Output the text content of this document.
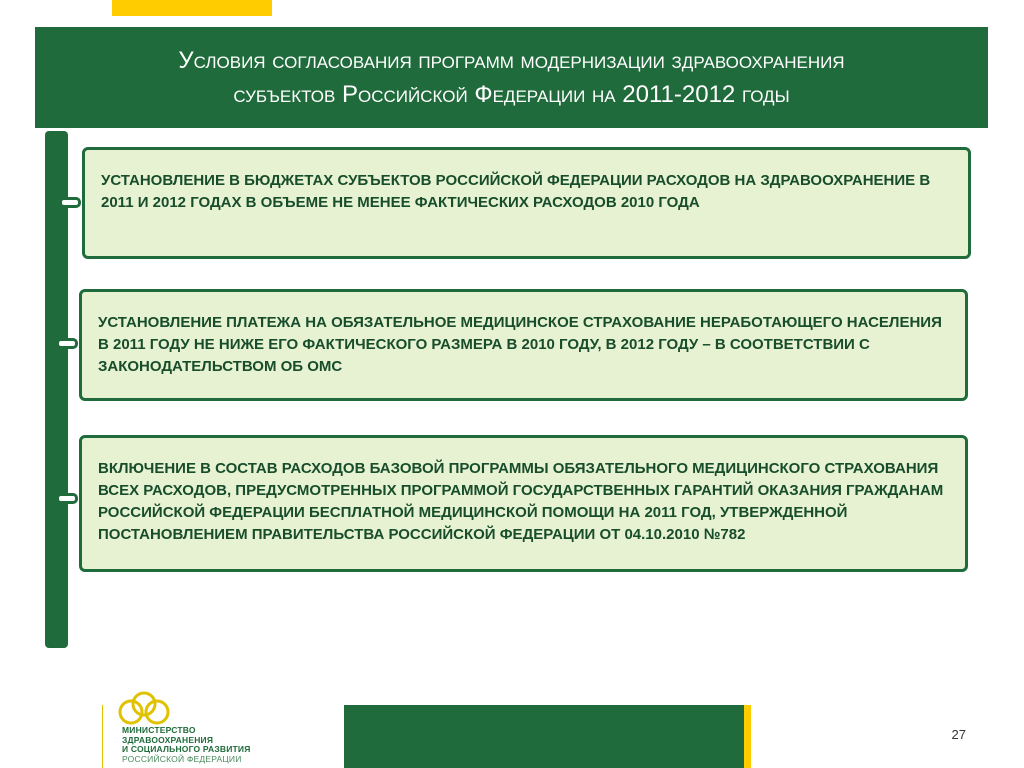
Условия согласования программ модернизации здравоохранения
субъектов Российской Федерации на 2011-2012 годы
УСТАНОВЛЕНИЕ В БЮДЖЕТАХ СУБЪЕКТОВ РОССИЙСКОЙ ФЕДЕРАЦИИ РАСХОДОВ НА ЗДРАВООХРАНЕНИЕ В 2011 И 2012 ГОДАХ В ОБЪЕМЕ НЕ МЕНЕЕ ФАКТИЧЕСКИХ РАСХОДОВ 2010 ГОДА
УСТАНОВЛЕНИЕ ПЛАТЕЖА НА ОБЯЗАТЕЛЬНОЕ МЕДИЦИНСКОЕ СТРАХОВАНИЕ НЕРАБОТАЮЩЕГО НАСЕЛЕНИЯ В 2011 ГОДУ НЕ НИЖЕ ЕГО ФАКТИЧЕСКОГО РАЗМЕРА В 2010 ГОДУ, В 2012 ГОДУ – В СООТВЕТСТВИИ С ЗАКОНОДАТЕЛЬСТВОМ ОБ ОМС
ВКЛЮЧЕНИЕ В СОСТАВ РАСХОДОВ БАЗОВОЙ ПРОГРАММЫ ОБЯЗАТЕЛЬНОГО МЕДИЦИНСКОГО СТРАХОВАНИЯ ВСЕХ РАСХОДОВ, ПРЕДУСМОТРЕННЫХ ПРОГРАММОЙ ГОСУДАРСТВЕННЫХ ГАРАНТИЙ ОКАЗАНИЯ ГРАЖДАНАМ РОССИЙСКОЙ ФЕДЕРАЦИИ БЕСПЛАТНОЙ МЕДИЦИНСКОЙ ПОМОЩИ НА 2011 ГОД, УТВЕРЖДЕННОЙ ПОСТАНОВЛЕНИЕМ ПРАВИТЕЛЬСТВА РОССИЙСКОЙ ФЕДЕРАЦИИ ОТ 04.10.2010 №782
МИНИСТЕРСТВО
ЗДРАВООХРАНЕНИЯ
И СОЦИАЛЬНОГО РАЗВИТИЯ
РОССИЙСКОЙ ФЕДЕРАЦИИ
27
